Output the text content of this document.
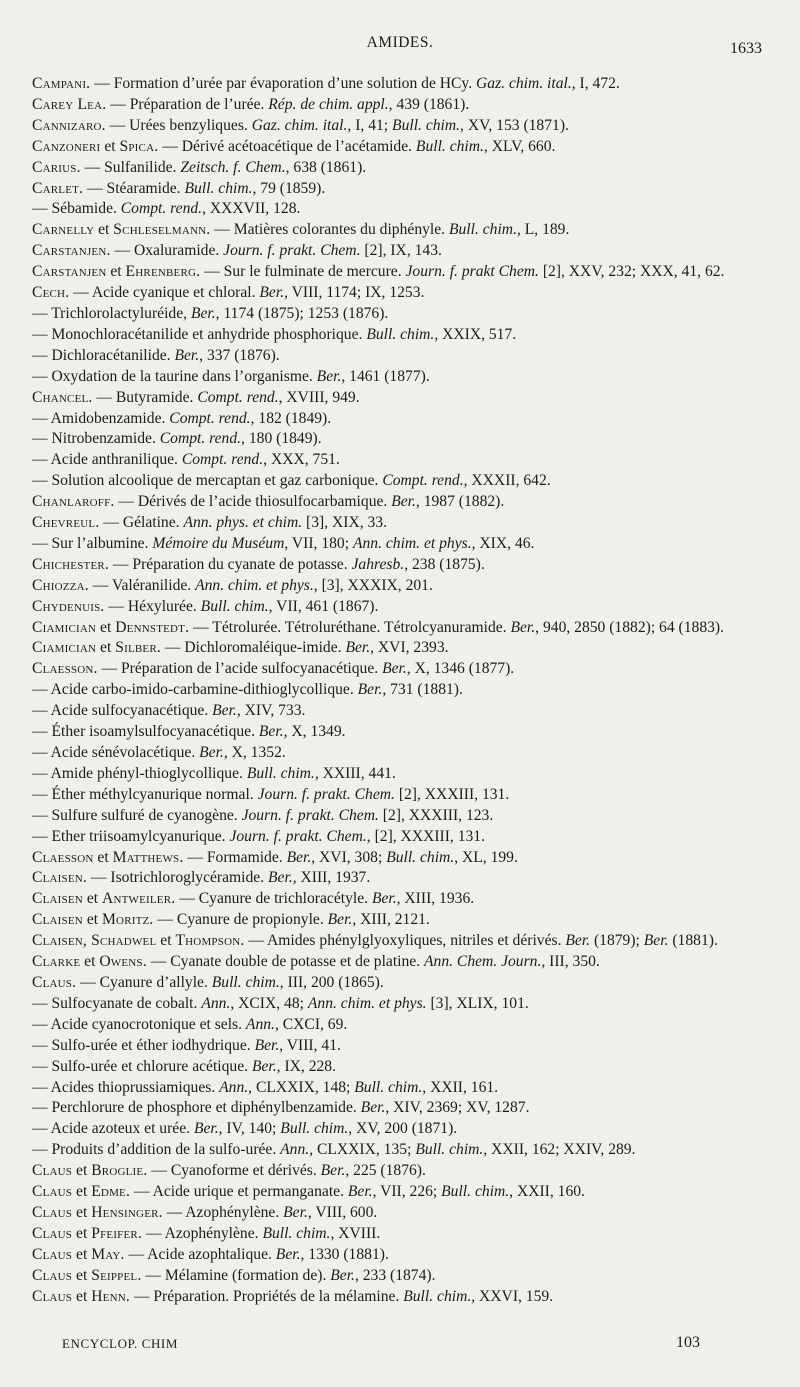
AMIDES.	1633

Campani. — Formation d’urée par évaporation d’une solution de HCy. Gaz. chim. ital., I, 472.

Carey Lea. — Préparation de l’urée. Rép. de chim. appl., 439 (1861).

Cannizaro. — Urées benzyliques. Gaz. chim. ital., I, 41; Bull. chim., XV, 153 (1871).

Canzoneri et Spica. — Dérivé acétoacétique de l’acétamide. Bull. chim., XLV, 660.

Carius. — Sulfanilide. Zeitsch. f. Chem., 638 (1861).

Carlet. — Stéaramide. Bull. chim., 79 (1859).

— Sébamide. Compt. rend., XXXVII, 128.

Carnelly et Schleselmann. — Matières colorantes du diphényle. Bull. chim., L, 189.

Carstanjen. — Oxaluramide. Journ. f. prakt. Chem. [2], IX, 143.

Carstanjen et Ehrenberg. — Sur le fulminate de mercure. Journ. f. prakt Chem. [2], XXV, 232; XXX, 41, 62.

Cech. — Acide cyanique et chloral. Ber., VIII, 1174; IX, 1253.

— Trichlorolactyluréide, Ber., 1174 (1875); 1253 (1876).

— Monochloracétanilide et anhydride phosphorique. Bull. chim., XXIX, 517.

— Dichloracétanilide. Ber., 337 (1876).

— Oxydation de la taurine dans l’organisme. Ber., 1461 (1877).

Chancel. — Butyramide. Compt. rend., XVIII, 949.

— Amidobenzamide. Compt. rend., 182 (1849).

— Nitrobenzamide. Compt. rend., 180 (1849).

— Acide anthranilique. Compt. rend., XXX, 751.

— Solution alcoolique de mercaptan et gaz carbonique. Compt. rend., XXXII, 642.

Chanlaroff. — Dérivés de l’acide thiosulfocarbamique. Ber., 1987 (1882).

Chevreul. — Gélatine. Ann. phys. et chim. [3], XIX, 33.

— Sur l’albumine. Mémoire du Muséum, VII, 180; Ann. chim. et phys., XIX, 46.

Chichester. — Préparation du cyanate de potasse. Jahresb., 238 (1875).

Chiozza. — Valéranilide. Ann. chim. et phys., [3], XXXIX, 201.

Chydenuis. — Héxylurée. Bull. chim., VII, 461 (1867).

Ciamician et Dennstedt. — Tétrolurée. Tétroluréthane. Tétrolcyanuramide. Ber., 940, 2850 (1882); 64 (1883).

Ciamician et Silber. — Dichloromaléique-imide. Ber., XVI, 2393.

Claesson. — Préparation de l’acide sulfocyanacétique. Ber., X, 1346 (1877).

— Acide carbo-imido-carbamine-dithioglycollique. Ber., 731 (1881).

— Acide sulfocyanacétique. Ber., XIV, 733.

— Éther isoamylsulfocyanacétique. Ber., X, 1349.

— Acide sénévolacétique. Ber., X, 1352.

— Amide phényl-thioglycollique. Bull. chim., XXIII, 441.

— Éther méthylcyanurique normal. Journ. f. prakt. Chem. [2], XXXIII, 131.

— Sulfure sulfuré de cyanogène. Journ. f. prakt. Chem. [2], XXXIII, 123.

— Ether triisoamylcyanurique. Journ. f. prakt. Chem., [2], XXXIII, 131.

Claesson et Matthews. — Formamide. Ber., XVI, 308; Bull. chim., XL, 199.

Claisen. — Isotrichloroglycéramide. Ber., XIII, 1937.

Claisen et Antweiler. — Cyanure de trichloracétyle. Ber., XIII, 1936.

Claisen et Moritz. — Cyanure de propionyle. Ber., XIII, 2121.

Claisen, Schadwel et Thompson. — Amides phénylglyoxyliques, nitriles et dérivés. Ber. (1879); Ber. (1881).

Clarke et Owens. — Cyanate double de potasse et de platine. Ann. Chem. Journ., III, 350.

Claus. — Cyanure d’allyle. Bull. chim., III, 200 (1865).

— Sulfocyanate de cobalt. Ann., XCIX, 48; Ann. chim. et phys. [3], XLIX, 101.

— Acide cyanocrotonique et sels. Ann., CXCI, 69.

— Sulfo-urée et éther iodhydrique. Ber., VIII, 41.

— Sulfo-urée et chlorure acétique. Ber., IX, 228.

— Acides thioprussiamiques. Ann., CLXXIX, 148; Bull. chim., XXII, 161.

— Perchlorure de phosphore et diphénylbenzamide. Ber., XIV, 2369; XV, 1287.

— Acide azoteux et urée. Ber., IV, 140; Bull. chim., XV, 200 (1871).

— Produits d’addition de la sulfo-urée. Ann., CLXXIX, 135; Bull. chim., XXII, 162; XXIV, 289.

Claus et Broglie. — Cyanoforme et dérivés. Ber., 225 (1876).

Claus et Edme. — Acide urique et permanganate. Ber., VII, 226; Bull. chim., XXII, 160.

Claus et Hensinger. — Azophénylène. Ber., VIII, 600.

Claus et Pfeifer. — Azophénylène. Bull. chim., XVIII.

Claus et May. — Acide azophtalique. Ber., 1330 (1881).

Claus et Seippel. — Mélamine (formation de). Ber., 233 (1874).

Claus et Henn. — Préparation. Propriétés de la mélamine. Bull. chim., XXVI, 159.

ENCYCLOP. CHIM	103
